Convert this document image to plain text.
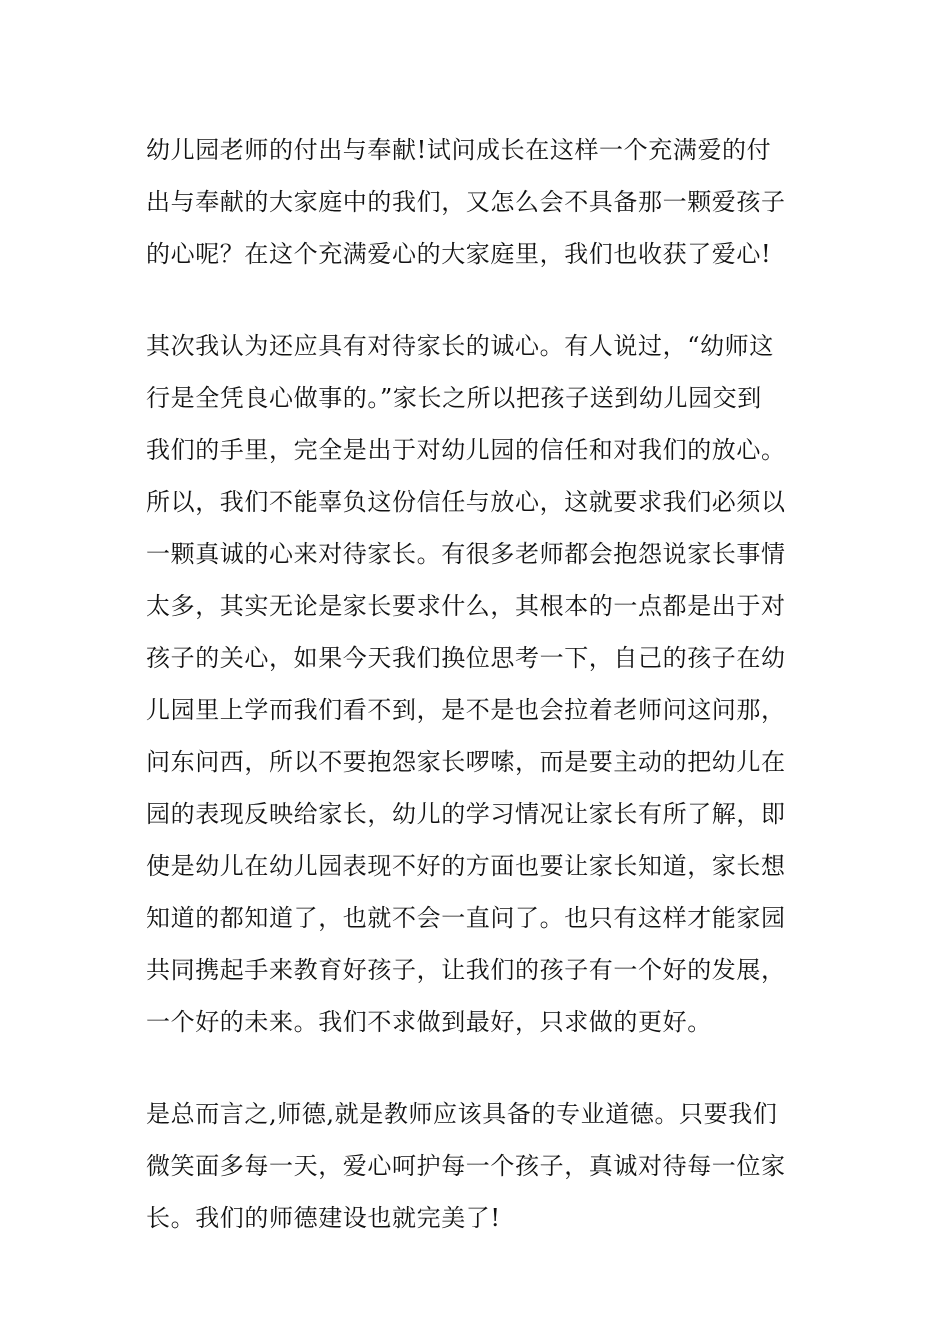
幼儿园老师的付出与奉献!试问成长在这样一个充满爱的付
出与奉献的大家庭中的我们，又怎么会不具备那一颗爱孩子
的心呢？在这个充满爱心的大家庭里，我们也收获了爱心!
其次我认为还应具有对待家长的诚心。有人说过，“幼师这
行是全凭良心做事的。”家长之所以把孩子送到幼儿园交到
我们的手里，完全是出于对幼儿园的信任和对我们的放心。
所以，我们不能辜负这份信任与放心，这就要求我们必须以
一颗真诚的心来对待家长。有很多老师都会抱怨说家长事情
太多，其实无论是家长要求什么，其根本的一点都是出于对
孩子的关心，如果今天我们换位思考一下，自己的孩子在幼
儿园里上学而我们看不到，是不是也会拉着老师问这问那，
问东问西，所以不要抱怨家长啰嗦，而是要主动的把幼儿在
园的表现反映给家长，幼儿的学习情况让家长有所了解，即
使是幼儿在幼儿园表现不好的方面也要让家长知道，家长想
知道的都知道了，也就不会一直问了。也只有这样才能家园
共同携起手来教育好孩子，让我们的孩子有一个好的发展，
一个好的未来。我们不求做到最好，只求做的更好。
是总而言之,师德,就是教师应该具备的专业道德。只要我们
微笑面多每一天，爱心呵护每一个孩子，真诚对待每一位家
长。我们的师德建设也就完美了!
